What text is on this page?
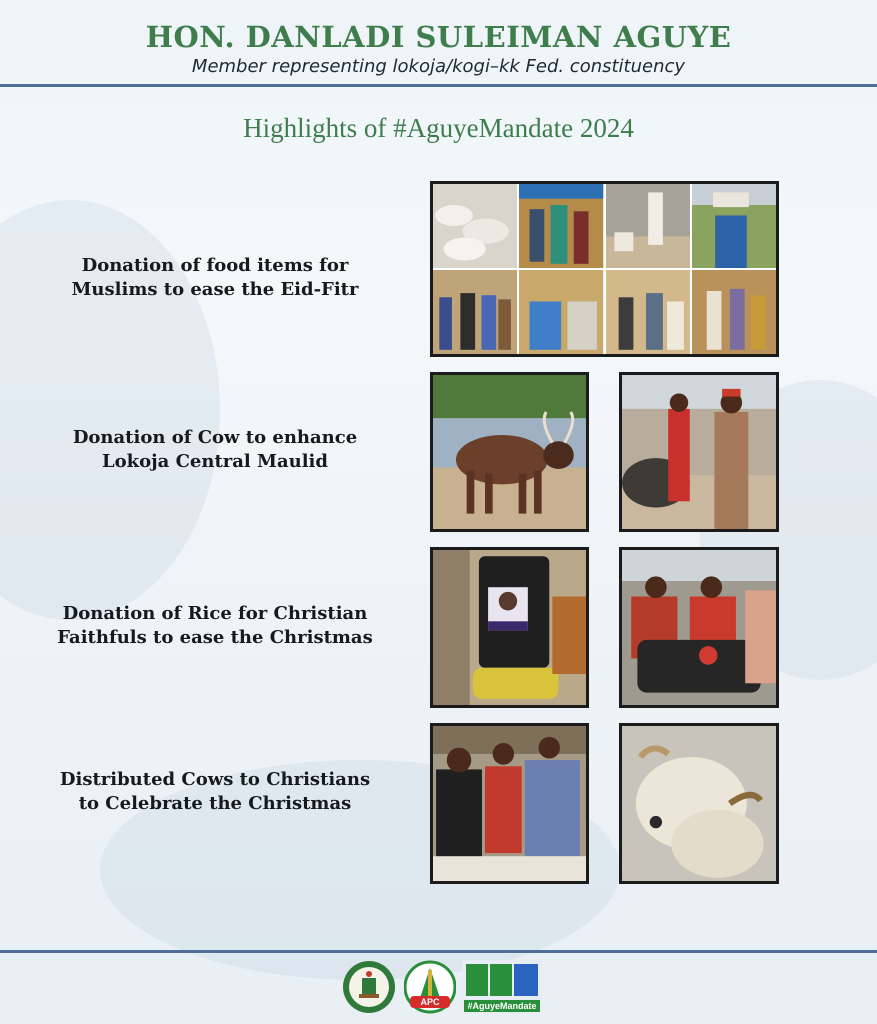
HON. DANLADI SULEIMAN AGUYE
Member representing lokoja/kogi–kk Fed. constituency
Highlights of #AguyeMandate 2024
Donation of food items for
Muslims to ease the Eid-Fitr
Donation of Cow to enhance
Lokoja Central Maulid
Donation of Rice for Christian
Faithfuls to ease the Christmas
Distributed Cows to Christians
to Celebrate the Christmas
APC	#AguyeMandate
